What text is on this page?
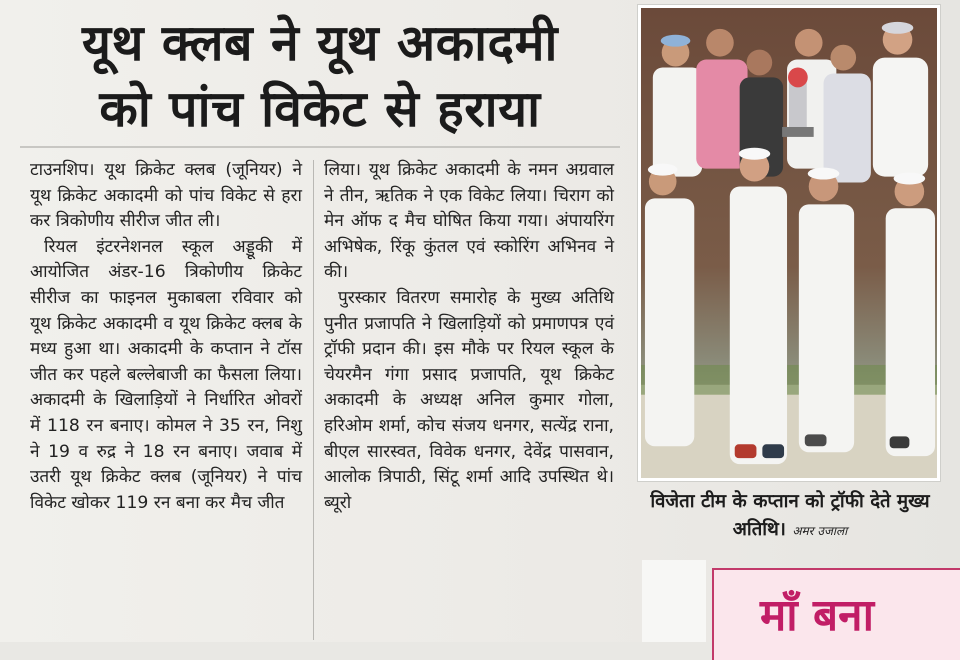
यूथ क्लब ने यूथ अकादमी
को पांच विकेट से हराया

टाउनशिप। यूथ क्रिकेट क्लब (जूनियर) ने यूथ क्रिकेट अकादमी को पांच विकेट से हरा कर त्रिकोणीय सीरीज जीत ली।

रियल इंटरनेशनल स्कूल अड्डूकी में आयोजित अंडर-16 त्रिकोणीय क्रिकेट सीरीज का फाइनल मुकाबला रविवार को यूथ क्रिकेट अकादमी व यूथ क्रिकेट क्लब के मध्य हुआ था। अकादमी के कप्तान ने टॉस जीत कर पहले बल्लेबाजी का फैसला लिया। अकादमी के खिलाड़ियों ने निर्धारित ओवरों में 118 रन बनाए। कोमल ने 35 रन, निशु ने 19 व रुद्र ने 18 रन बनाए। जवाब में उतरी यूथ क्रिकेट क्लब (जूनियर) ने पांच विकेट खोकर 119 रन बना कर मैच जीत

लिया। यूथ क्रिकेट अकादमी के नमन अग्रवाल ने तीन, ऋतिक ने एक विकेट लिया। चिराग को मेन ऑफ द मैच घोषित किया गया। अंपायरिंग अभिषेक, रिंकू कुंतल एवं स्कोरिंग अभिनव ने की।

पुरस्कार वितरण समारोह के मुख्य अतिथि पुनीत प्रजापति ने खिलाड़ियों को प्रमाणपत्र एवं ट्रॉफी प्रदान की। इस मौके पर रियल स्कूल के चेयरमैन गंगा प्रसाद प्रजापति, यूथ क्रिकेट अकादमी के अध्यक्ष अनिल कुमार गोला, हरिओम शर्मा, कोच संजय धनगर, सत्येंद्र राना, बीएल सारस्वत, विवेक धनगर, देवेंद्र पासवान, आलोक त्रिपाठी, सिंटू शर्मा आदि उपस्थित थे। ब्यूरो	विजेता टीम के कप्तान को ट्रॉफी देते मुख्य अतिथि। अमर उजाला
माँ बना
